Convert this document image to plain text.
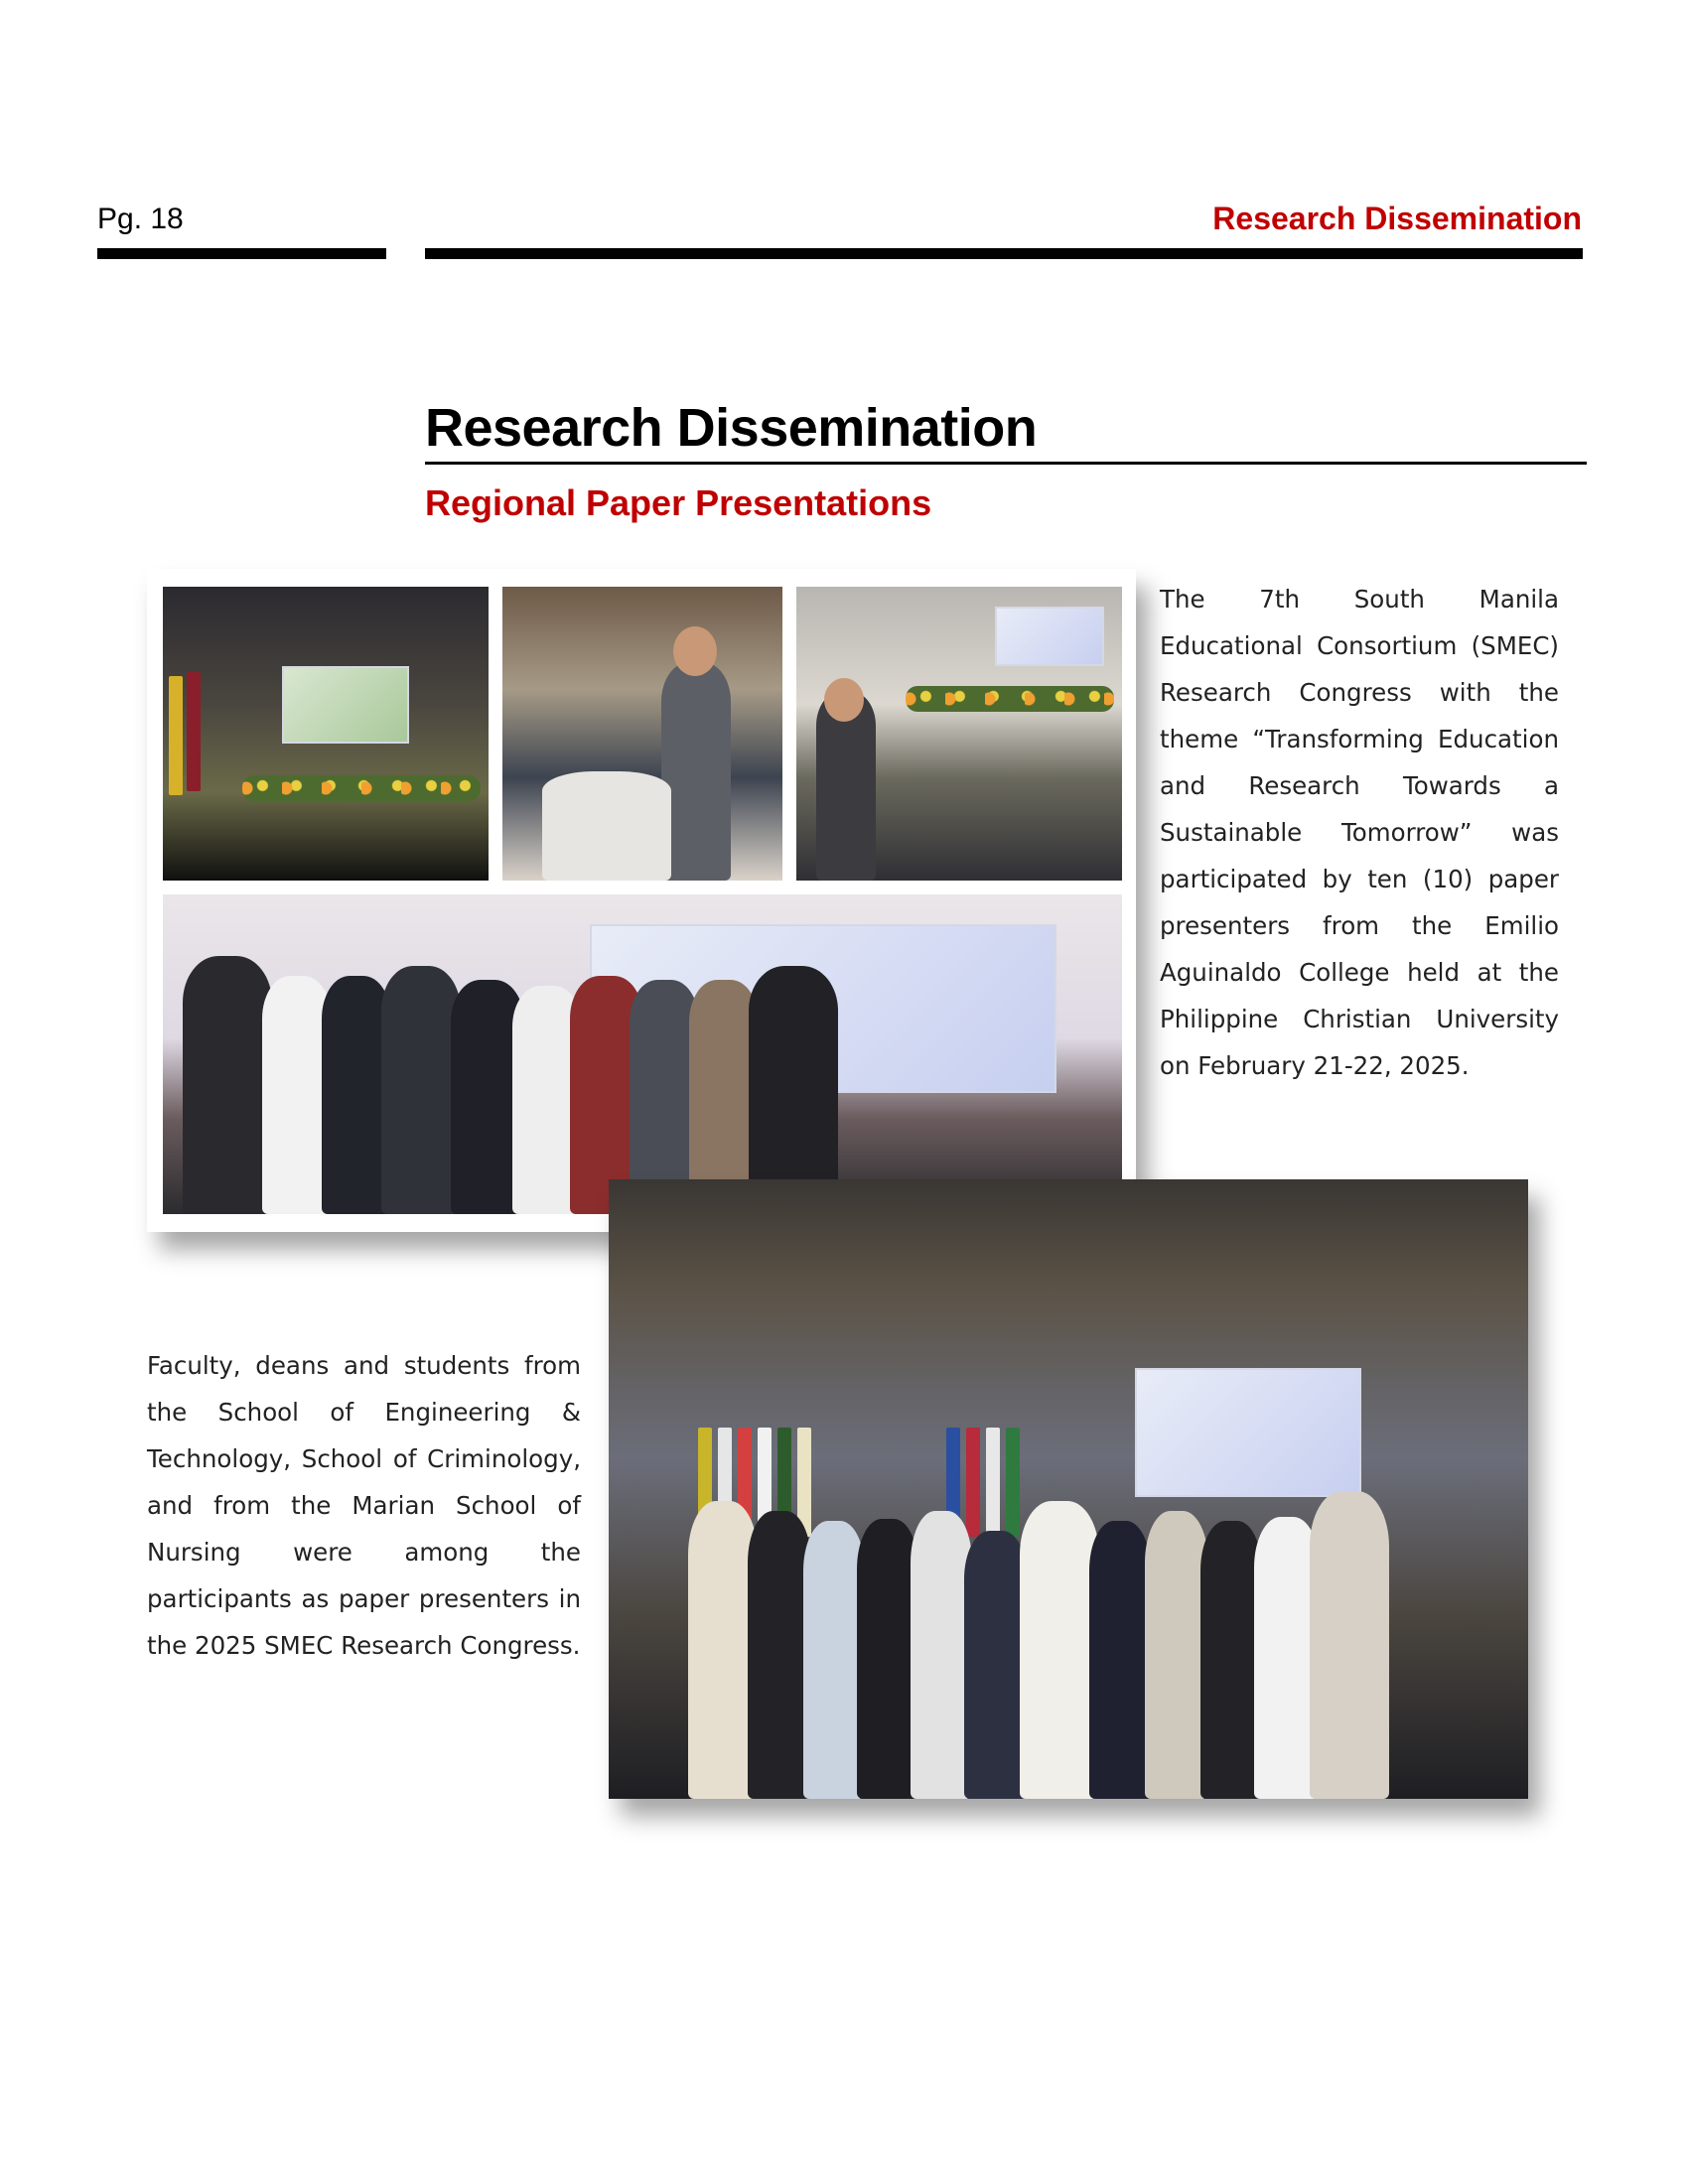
Pg. 18	Research Dissemination
Research Dissemination
Regional Paper Presentations
The 7th South Manila Educational Consortium (SMEC) Research Congress with the theme “Transforming Education and Research Towards a Sustainable Tomorrow” was participated by ten (10) paper presenters from the Emilio Aguinaldo College held at the Philippine Christian University on February 21-22, 2025.
Faculty, deans and students from the School of Engineering & Technology, School of Criminology, and from the Marian School of Nursing were among the participants as paper presenters in the 2025 SMEC Research Congress.
